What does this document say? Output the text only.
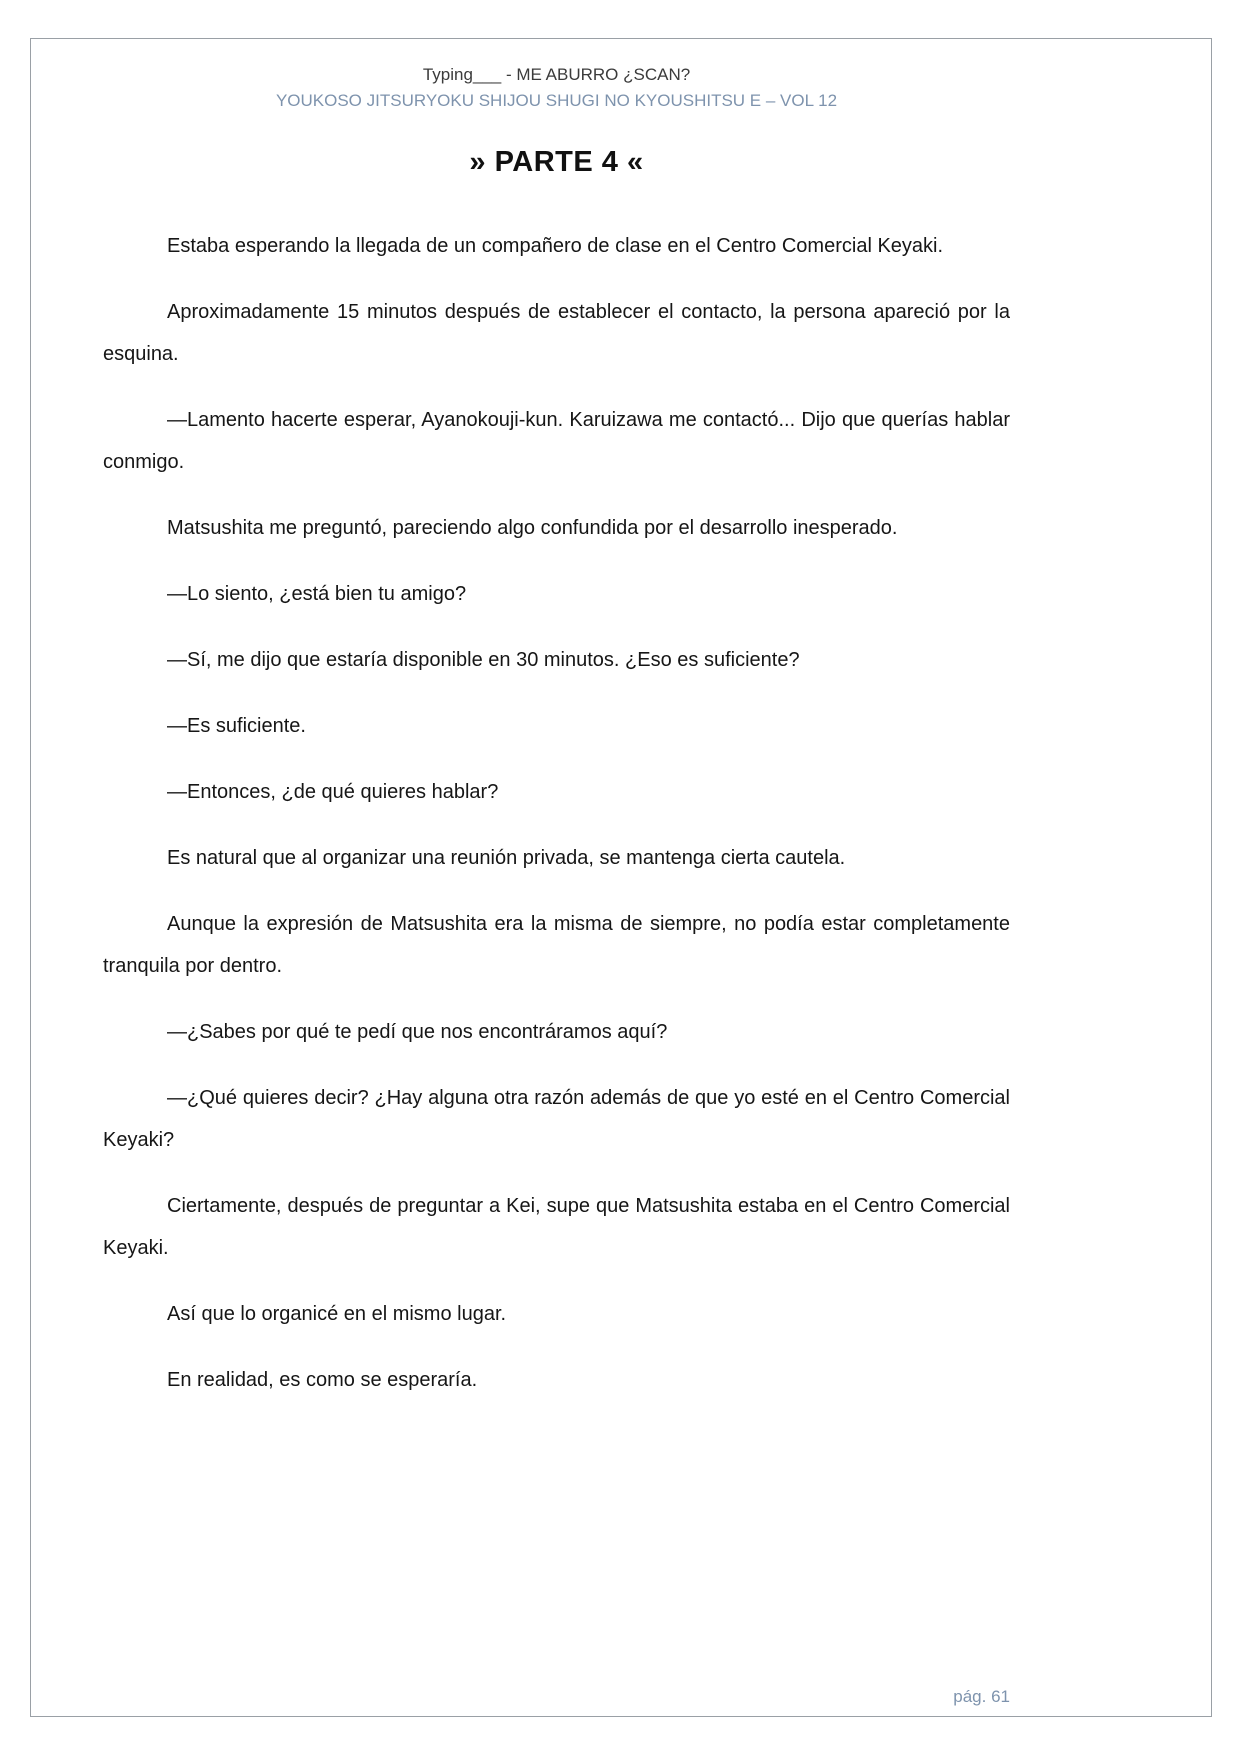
Typing___ - ME ABURRO ¿SCAN?
YOUKOSO JITSURYOKU SHIJOU SHUGI NO KYOUSHITSU E – VOL 12
» PARTE 4 «

Estaba esperando la llegada de un compañero de clase en el Centro Comercial Keyaki.

Aproximadamente 15 minutos después de establecer el contacto, la persona apareció por la esquina.

—Lamento hacerte esperar, Ayanokouji-kun. Karuizawa me contactó... Dijo que querías hablar conmigo.

Matsushita me preguntó, pareciendo algo confundida por el desarrollo inesperado.

—Lo siento, ¿está bien tu amigo?

—Sí, me dijo que estaría disponible en 30 minutos. ¿Eso es suficiente?

—Es suficiente.

—Entonces, ¿de qué quieres hablar?

Es natural que al organizar una reunión privada, se mantenga cierta cautela.

Aunque la expresión de Matsushita era la misma de siempre, no podía estar completamente tranquila por dentro.

—¿Sabes por qué te pedí que nos encontráramos aquí?

—¿Qué quieres decir? ¿Hay alguna otra razón además de que yo esté en el Centro Comercial Keyaki?

Ciertamente, después de preguntar a Kei, supe que Matsushita estaba en el Centro Comercial Keyaki.

Así que lo organicé en el mismo lugar.

En realidad, es como se esperaría.

pág. 61
